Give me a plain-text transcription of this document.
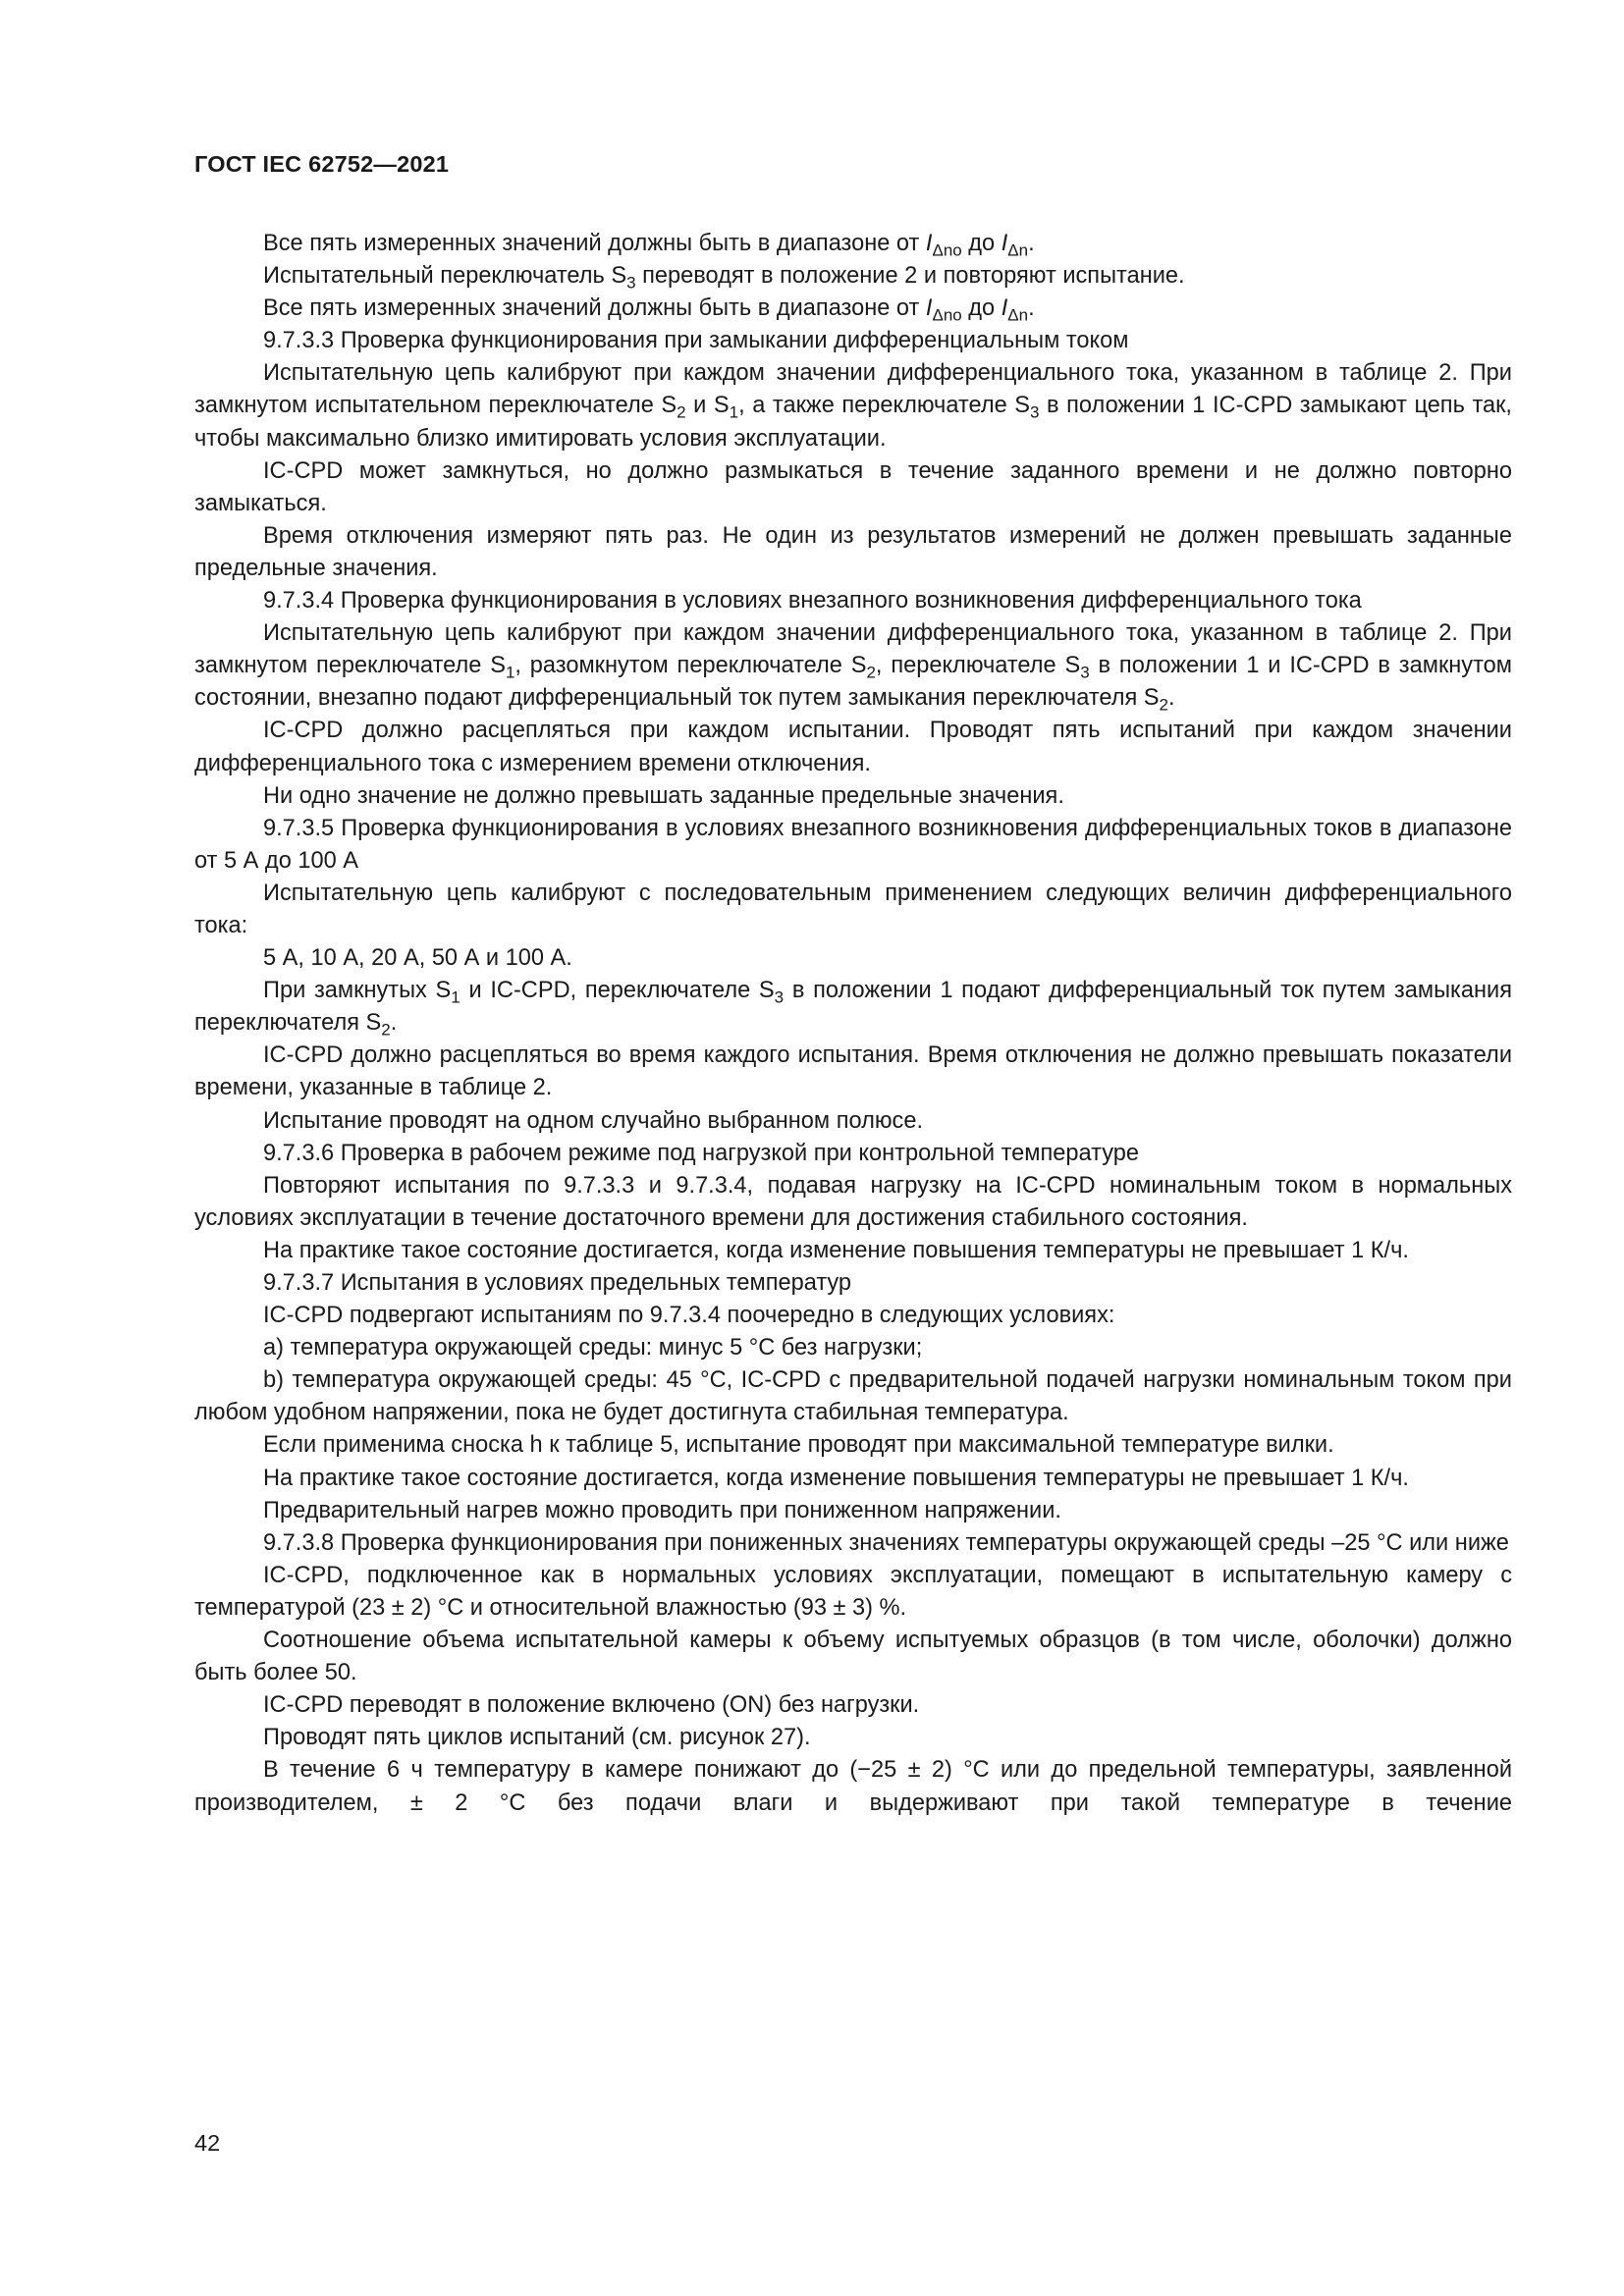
ГОСТ IEC 62752—2021

Все пять измеренных значений должны быть в диапазоне от $I_{\Delta no}$ до $I_{\Delta n}$.

Испытательный переключатель $S_3$ переводят в положение 2 и повторяют испытание.

Все пять измеренных значений должны быть в диапазоне от $I_{\Delta no}$ до $I_{\Delta n}$.

9.7.3.3 Проверка функционирования при замыкании дифференциальным током

Испытательную цепь калибруют при каждом значении дифференциального тока, указанном в таблице 2. При замкнутом испытательном переключателе $S_2$ и $S_1$, а также переключателе $S_3$ в положении 1 IC-CPD замыкают цепь так, чтобы максимально близко имитировать условия эксплуатации.

IC-CPD может замкнуться, но должно размыкаться в течение заданного времени и не должно повторно замыкаться.

Время отключения измеряют пять раз. Не один из результатов измерений не должен превышать заданные предельные значения.

9.7.3.4 Проверка функционирования в условиях внезапного возникновения дифференциального тока

Испытательную цепь калибруют при каждом значении дифференциального тока, указанном в таблице 2. При замкнутом переключателе $S_1$, разомкнутом переключателе $S_2$, переключателе $S_3$ в положении 1 и IC-CPD в замкнутом состоянии, внезапно подают дифференциальный ток путем замыкания переключателя $S_2$.

IC-CPD должно расцепляться при каждом испытании. Проводят пять испытаний при каждом значении дифференциального тока с измерением времени отключения.

Ни одно значение не должно превышать заданные предельные значения.

9.7.3.5 Проверка функционирования в условиях внезапного возникновения дифференциальных токов в диапазоне от 5 А до 100 А

Испытательную цепь калибруют с последовательным применением следующих величин дифференциального тока:

5 А, 10 А, 20 А, 50 А и 100 А.

При замкнутых $S_1$ и IC-CPD, переключателе $S_3$ в положении 1 подают дифференциальный ток путем замыкания переключателя $S_2$.

IC-CPD должно расцепляться во время каждого испытания. Время отключения не должно превышать показатели времени, указанные в таблице 2.

Испытание проводят на одном случайно выбранном полюсе.

9.7.3.6 Проверка в рабочем режиме под нагрузкой при контрольной температуре

Повторяют испытания по 9.7.3.3 и 9.7.3.4, подавая нагрузку на IC-CPD номинальным током в нормальных условиях эксплуатации в течение достаточного времени для достижения стабильного состояния.

На практике такое состояние достигается, когда изменение повышения температуры не превышает 1 К/ч.

9.7.3.7 Испытания в условиях предельных температур

IC-CPD подвергают испытаниям по 9.7.3.4 поочередно в следующих условиях:

a) температура окружающей среды: минус 5 °С без нагрузки;

b) температура окружающей среды: 45 °С, IC-CPD с предварительной подачей нагрузки номинальным током при любом удобном напряжении, пока не будет достигнута стабильная температура.

Если применима сноска h к таблице 5, испытание проводят при максимальной температуре вилки.

На практике такое состояние достигается, когда изменение повышения температуры не превышает 1 К/ч.

Предварительный нагрев можно проводить при пониженном напряжении.

9.7.3.8 Проверка функционирования при пониженных значениях температуры окружающей среды –25 °С или ниже

IC-CPD, подключенное как в нормальных условиях эксплуатации, помещают в испытательную камеру с температурой (23 ± 2) °С и относительной влажностью (93 ± 3) %.

Соотношение объема испытательной камеры к объему испытуемых образцов (в том числе, оболочки) должно быть более 50.

IC-CPD переводят в положение включено (ON) без нагрузки.

Проводят пять циклов испытаний (см. рисунок 27).

В течение 6 ч температуру в камере понижают до (−25 ± 2) °С или до предельной температуры, заявленной производителем, ± 2 °С без подачи влаги и выдерживают при такой температуре в течение

42
